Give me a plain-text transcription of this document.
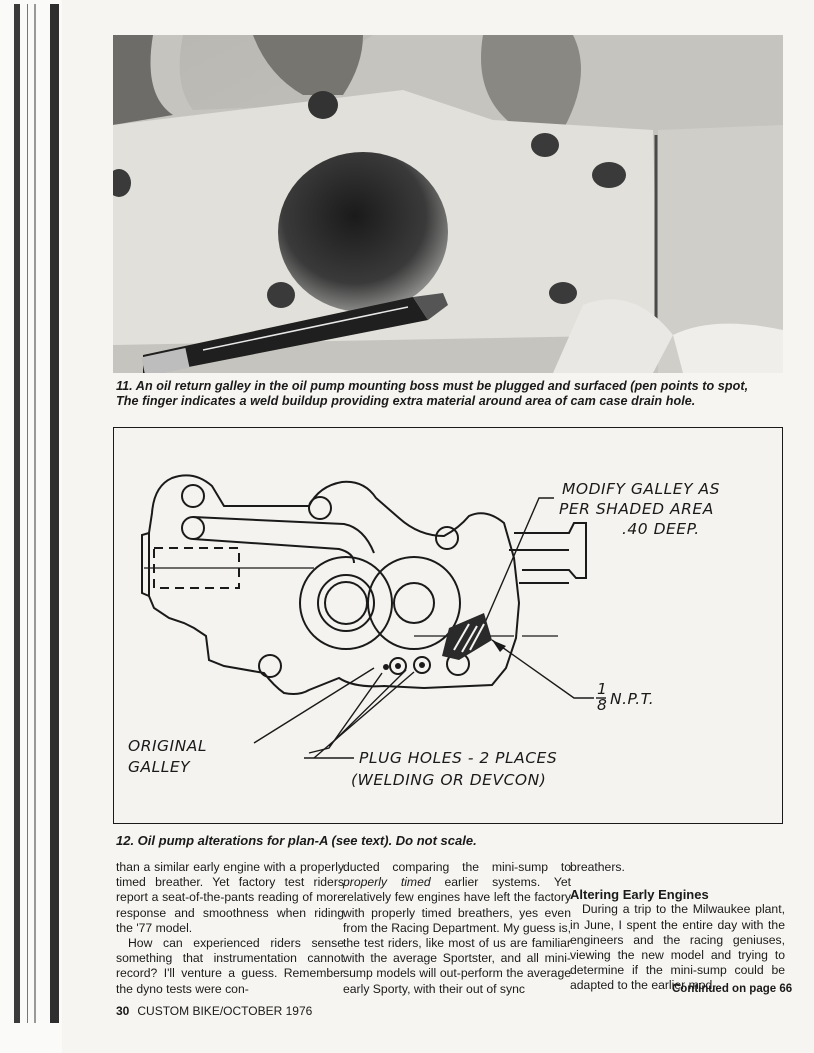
11. An oil return galley in the oil pump mounting boss must be plugged and surfaced (pen points to spot,
The finger indicates a weld buildup providing extra material around area of cam case drain hole.
MODIFY GALLEY AS
PER SHADED AREA
.40 DEEP.
1
8 N.P.T.
ORIGINAL
GALLEY	PLUG HOLES - 2 PLACES
(WELDING OR DEVCON)
12. Oil pump alterations for plan-A (see text). Do not scale.

than a similar early engine with a properly timed breather. Yet factory test riders report a seat-of-the-pants reading of more response and smoothness when riding the '77 model.

How can experienced riders sense something that instrumentation cannot record? I'll venture a guess. Remember the dyno tests were con-

ducted comparing the mini-sump to properly timed earlier systems. Yet relatively few engines have left the factory with properly timed breathers, yes even from the Racing Department. My guess is, the test riders, like most of us are familiar with the average Sportster, and all mini-sump models will out-perform the average early Sporty, with their out of sync

breathers.

Altering Early Engines

During a trip to the Milwaukee plant, in June, I spent the entire day with the engineers and the racing geniuses, viewing the new model and trying to determine if the mini-sump could be adapted to the earlier mod-

Continued on page 66
30 CUSTOM BIKE/OCTOBER 1976
